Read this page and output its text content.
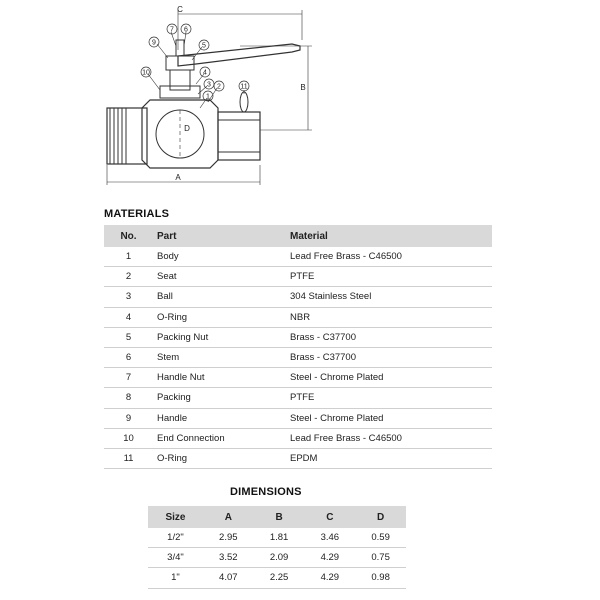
9
7 6
5
10	4
3 2
1
11
C
B
A
D
MATERIALS
No.	Part	Material
1	Body	Lead Free Brass - C46500
2	Seat	PTFE
3	Ball	304 Stainless Steel
4	O-Ring	NBR
5	Packing Nut	Brass - C37700
6	Stem	Brass - C37700
7	Handle Nut	Steel - Chrome Plated
8	Packing	PTFE
9	Handle	Steel - Chrome Plated
10	End Connection	Lead Free Brass - C46500
11	O-Ring	EPDM
DIMENSIONS
Size	A	B	C	D
1/2"	2.95	1.81	3.46	0.59
3/4"	3.52	2.09	4.29	0.75
1"	4.07	2.25	4.29	0.98
